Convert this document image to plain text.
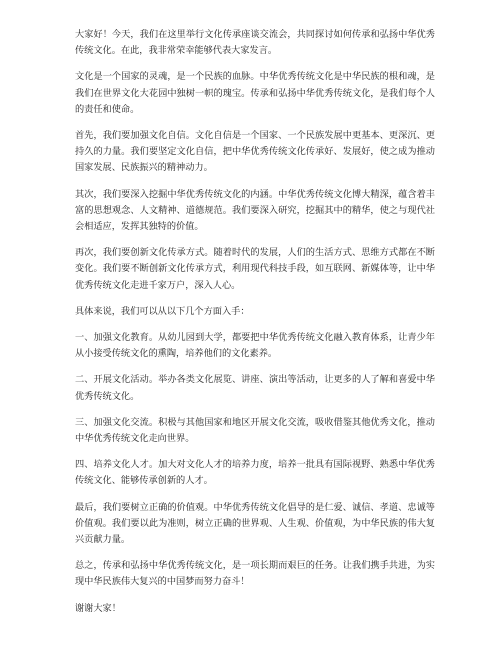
大家好！今天，我们在这里举行文化传承座谈交流会，共同探讨如何传承和弘扬中华优秀传统文化。在此，我非常荣幸能够代表大家发言。

文化是一个国家的灵魂，是一个民族的血脉。中华优秀传统文化是中华民族的根和魂，是我们在世界文化大花园中独树一帜的瑰宝。传承和弘扬中华优秀传统文化，是我们每个人的责任和使命。

首先，我们要加强文化自信。文化自信是一个国家、一个民族发展中更基本、更深沉、更持久的力量。我们要坚定文化自信，把中华优秀传统文化传承好、发展好，使之成为推动国家发展、民族振兴的精神动力。

其次，我们要深入挖掘中华优秀传统文化的内涵。中华优秀传统文化博大精深，蕴含着丰富的思想观念、人文精神、道德规范。我们要深入研究，挖掘其中的精华，使之与现代社会相适应，发挥其独特的价值。

再次，我们要创新文化传承方式。随着时代的发展，人们的生活方式、思维方式都在不断变化。我们要不断创新文化传承方式，利用现代科技手段，如互联网、新媒体等，让中华优秀传统文化走进千家万户，深入人心。

具体来说，我们可以从以下几个方面入手：

一、加强文化教育。从幼儿园到大学，都要把中华优秀传统文化融入教育体系，让青少年从小接受传统文化的熏陶，培养他们的文化素养。

二、开展文化活动。举办各类文化展览、讲座、演出等活动，让更多的人了解和喜爱中华优秀传统文化。

三、加强文化交流。积极与其他国家和地区开展文化交流，吸收借鉴其他优秀文化，推动中华优秀传统文化走向世界。

四、培养文化人才。加大对文化人才的培养力度，培养一批具有国际视野、熟悉中华优秀传统文化、能够传承创新的人才。

最后，我们要树立正确的价值观。中华优秀传统文化倡导的是仁爱、诚信、孝道、忠诚等价值观。我们要以此为准则，树立正确的世界观、人生观、价值观，为中华民族的伟大复兴贡献力量。

总之，传承和弘扬中华优秀传统文化，是一项长期而艰巨的任务。让我们携手共进，为实现中华民族伟大复兴的中国梦而努力奋斗！

谢谢大家！
